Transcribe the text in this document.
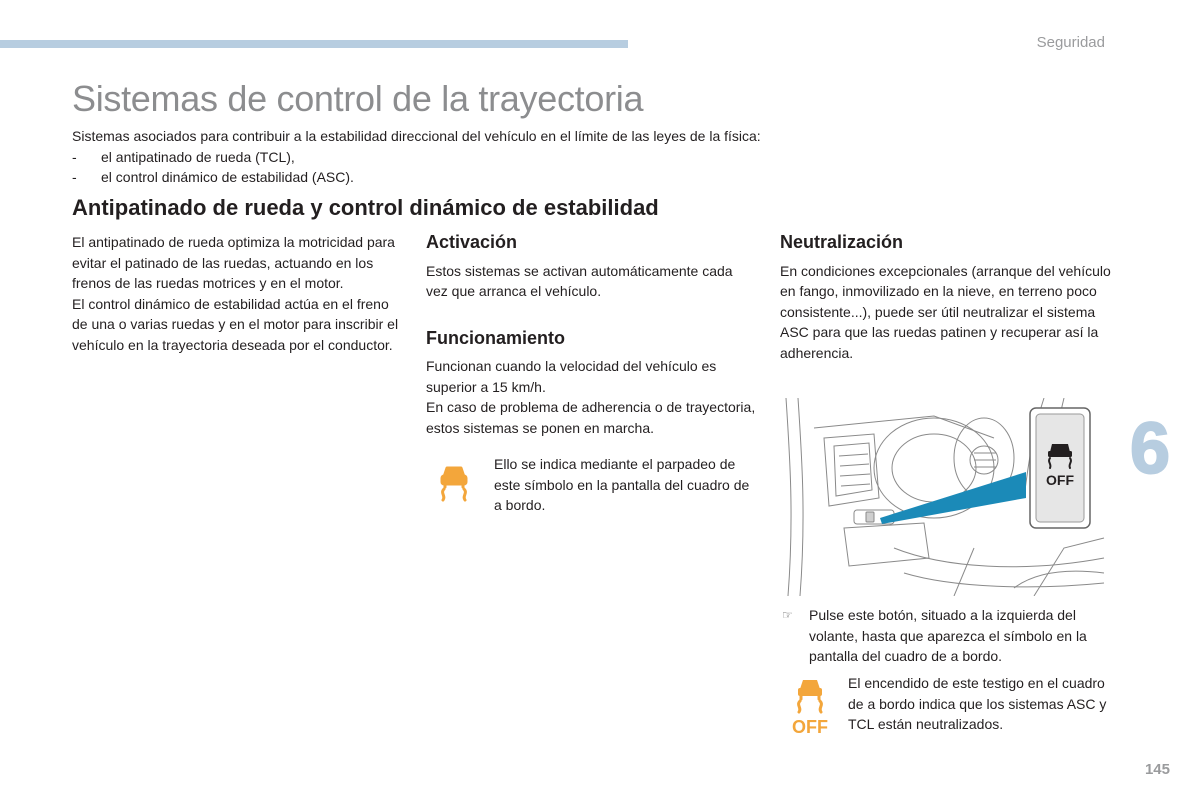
Seguridad
Sistemas de control de la trayectoria

Sistemas asociados para contribuir a la estabilidad direccional del vehículo en el límite de las leyes de la física:

- el antipatinado de rueda (TCL),
- el control dinámico de estabilidad (ASC).
Antipatinado de rueda y control dinámico de estabilidad

El antipatinado de rueda optimiza la motricidad para evitar el patinado de las ruedas, actuando en los frenos de las ruedas motrices y en el motor.

El control dinámico de estabilidad actúa en el freno de una o varias ruedas y en el motor para inscribir el vehículo en la trayectoria deseada por el conductor.

Activación

Estos sistemas se activan automáticamente cada vez que arranca el vehículo.

Funcionamiento

Funcionan cuando la velocidad del vehículo es superior a 15 km/h.

En caso de problema de adherencia o de trayectoria, estos sistemas se ponen en marcha.

Ello se indica mediante el parpadeo de este símbolo en la pantalla del cuadro de a bordo.

Neutralización

En condiciones excepcionales (arranque del vehículo en fango, inmovilizado en la nieve, en terreno poco consistente...), puede ser útil neutralizar el sistema ASC para que las ruedas patinen y recuperar así la adherencia.

OFF
☞ Pulse este botón, situado a la izquierda del volante, hasta que aparezca el símbolo en la pantalla del cuadro de a bordo.

OFF

El encendido de este testigo en el cuadro de a bordo indica que los sistemas ASC y TCL están neutralizados.

6
145
